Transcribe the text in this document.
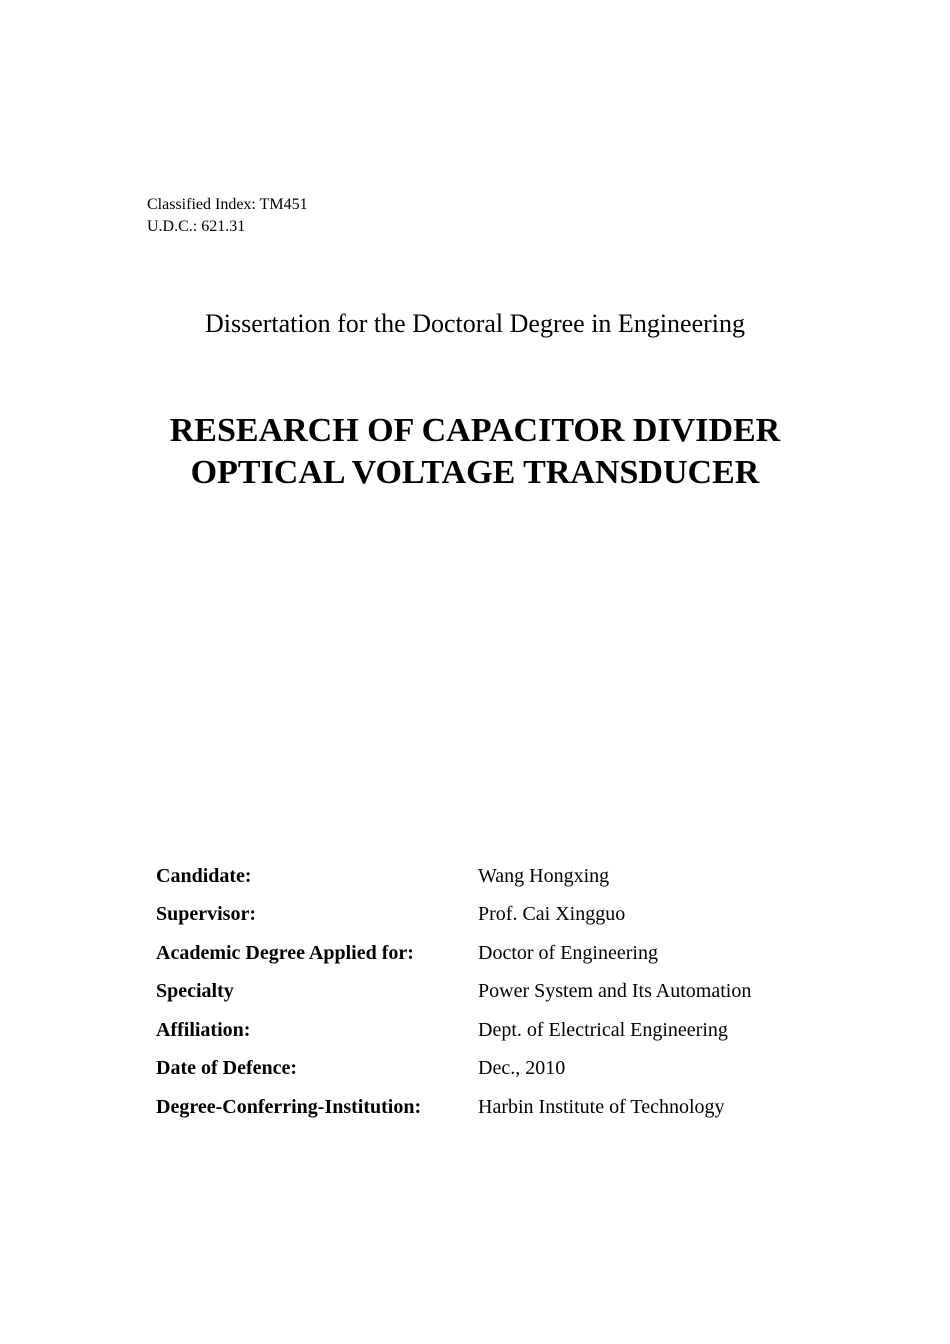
Classified Index: TM451
U.D.C.: 621.31
Dissertation for the Doctoral Degree in Engineering
RESEARCH OF CAPACITOR DIVIDER
OPTICAL VOLTAGE TRANSDUCER
Candidate:	Wang Hongxing
Supervisor:	Prof. Cai Xingguo
Academic Degree Applied for:	Doctor of Engineering
Specialty	Power System and Its Automation
Affiliation:	Dept. of Electrical Engineering
Date of Defence:	Dec., 2010
Degree-Conferring-Institution:	Harbin Institute of Technology
